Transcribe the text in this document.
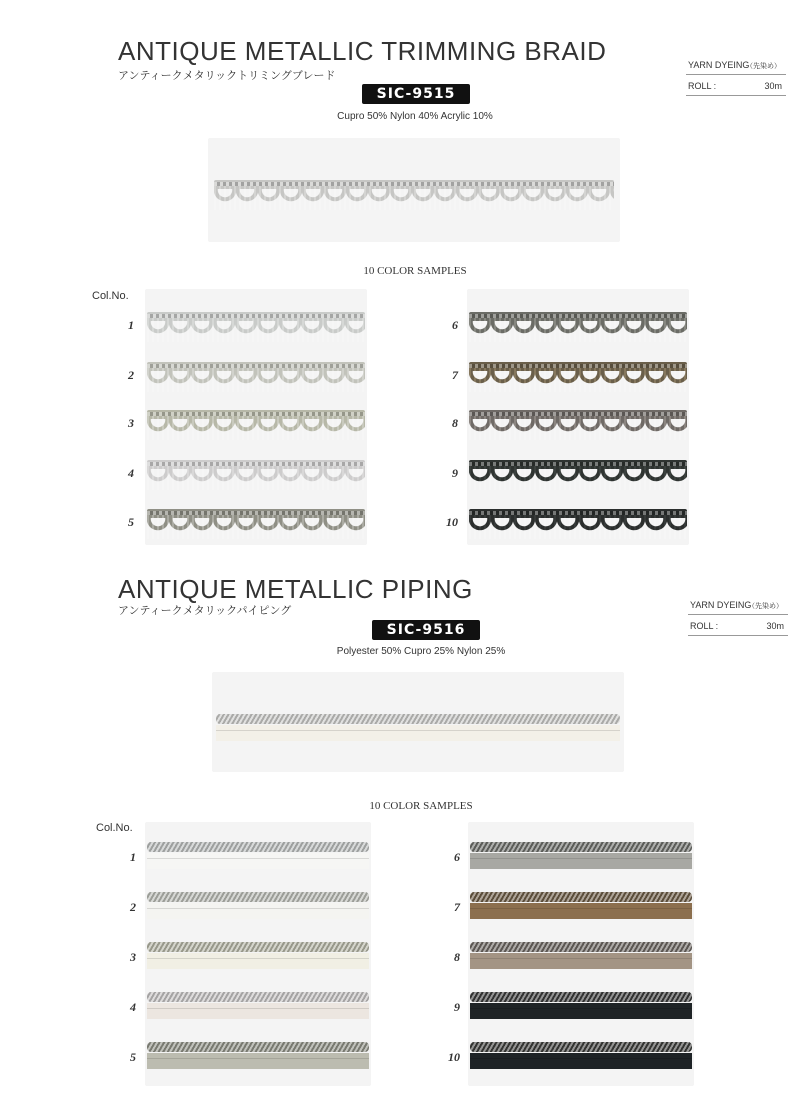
ANTIQUE METALLIC TRIMMING BRAID
アンティークメタリックトリミングブレード
SIC-9515
Cupro 50% Nylon 40% Acrylic 10%
YARN DYEING
（先染め）
ROLL :	30m
10 COLOR SAMPLES
Col.No.
1
2
3
4
5
6
7
8
9
10
ANTIQUE METALLIC PIPING
アンティークメタリックパイピング
SIC-9516
Polyester 50% Cupro 25% Nylon 25%
YARN DYEING
（先染め）
ROLL :	30m
10 COLOR SAMPLES
Col.No.
1
2
3
4
5
6
7
8
9
10
